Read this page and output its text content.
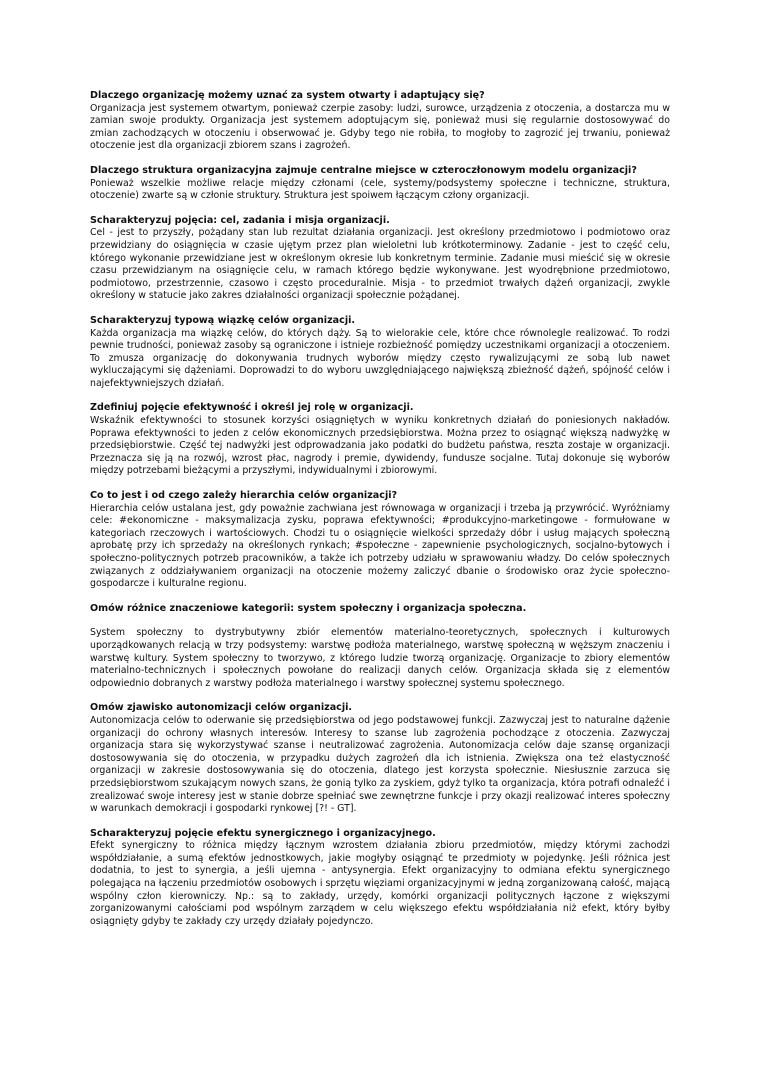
Dlaczego organizację możemy uznać za system otwarty i adaptujący się?

Organizacja jest systemem otwartym, ponieważ czerpie zasoby: ludzi, surowce, urządzenia z otoczenia, a dostarcza mu w zamian swoje produkty. Organizacja jest systemem adoptującym się, ponieważ musi się regularnie dostosowywać do zmian zachodzących w otoczeniu i obserwować je. Gdyby tego nie robiła, to mogłoby to zagrozić jej trwaniu, ponieważ otoczenie jest dla organizacji zbiorem szans i zagrożeń.

Dlaczego struktura organizacyjna zajmuje centralne miejsce w czteroczłonowym modelu organizacji?

Ponieważ wszelkie możliwe relacje między członami (cele, systemy/podsystemy społeczne i techniczne, struktura, otoczenie) zwarte są w członie struktury. Struktura jest spoiwem łączącym człony organizacji.

Scharakteryzuj pojęcia: cel, zadania i misja organizacji.

Cel - jest to przyszły, pożądany stan lub rezultat działania organizacji. Jest określony przedmiotowo i podmiotowo oraz przewidziany do osiągnięcia w czasie ujętym przez plan wieloletni lub krótkoterminowy. Zadanie - jest to część celu, którego wykonanie przewidziane jest w określonym okresie lub konkretnym terminie. Zadanie musi mieścić się w okresie czasu przewidzianym na osiągnięcie celu, w ramach którego będzie wykonywane. Jest wyodrębnione przedmiotowo, podmiotowo, przestrzennie, czasowo i często proceduralnie. Misja - to przedmiot trwałych dążeń organizacji, zwykle określony w statucie jako zakres działalności organizacji społecznie pożądanej.

Scharakteryzuj typową wiązkę celów organizacji.

Każda organizacja ma wiązkę celów, do których dąży. Są to wielorakie cele, które chce równolegle realizować. To rodzi pewnie trudności, ponieważ zasoby są ograniczone i istnieje rozbieżność pomiędzy uczestnikami organizacji a otoczeniem. To zmusza organizację do dokonywania trudnych wyborów między często rywalizującymi ze sobą lub nawet wykluczającymi się dążeniami. Doprowadzi to do wyboru uwzględniającego największą zbieżność dążeń, spójność celów i najefektywniejszych działań.

Zdefiniuj pojęcie efektywność i określ jej rolę w organizacji.

Wskaźnik efektywności to stosunek korzyści osiągniętych w wyniku konkretnych działań do poniesionych nakładów. Poprawa efektywności to jeden z celów ekonomicznych przedsiębiorstwa. Można przez to osiągnąć większą nadwyżkę w przedsiębiorstwie. Część tej nadwyżki jest odprowadzania jako podatki do budżetu państwa, reszta zostaje w organizacji. Przeznacza się ją na rozwój, wzrost płac, nagrody i premie, dywidendy, fundusze socjalne. Tutaj dokonuje się wyborów między potrzebami bieżącymi a przyszłymi, indywidualnymi i zbiorowymi.

Co to jest i od czego zależy hierarchia celów organizacji?

Hierarchia celów ustalana jest, gdy poważnie zachwiana jest równowaga w organizacji i trzeba ją przywrócić. Wyróżniamy cele: #ekonomiczne - maksymalizacja zysku, poprawa efektywności; #produkcyjno-marketingowe - formułowane w kategoriach rzeczowych i wartościowych. Chodzi tu o osiągnięcie wielkości sprzedaży dóbr i usług mających społeczną aprobatę przy ich sprzedaży na określonych rynkach; #społeczne - zapewnienie psychologicznych, socjalno-bytowych i społeczno-politycznych potrzeb pracowników, a także ich potrzeby udziału w sprawowaniu władzy. Do celów społecznych związanych z oddziaływaniem organizacji na otoczenie możemy zaliczyć dbanie o środowisko oraz życie społeczno-gospodarcze i kulturalne regionu.

Omów różnice znaczeniowe kategorii: system społeczny i organizacja społeczna.

System społeczny to dystrybutywny zbiór elementów materialno-teoretycznych, społecznych i kulturowych uporządkowanych relacją w trzy podsystemy: warstwę podłoża materialnego, warstwę społeczną w węższym znaczeniu i warstwę kultury. System społeczny to tworzywo, z którego ludzie tworzą organizację. Organizacje to zbiory elementów materialno-technicznych i społecznych powołane do realizacji danych celów. Organizacja składa się z elementów odpowiednio dobranych z warstwy podłoża materialnego i warstwy społecznej systemu społecznego.

Omów zjawisko autonomizacji celów organizacji.

Autonomizacja celów to oderwanie się przedsiębiorstwa od jego podstawowej funkcji. Zazwyczaj jest to naturalne dążenie organizacji do ochrony własnych interesów. Interesy to szanse lub zagrożenia pochodzące z otoczenia. Zazwyczaj organizacja stara się wykorzystywać szanse i neutralizować zagrożenia. Autonomizacja celów daje szansę organizacji dostosowywania się do otoczenia, w przypadku dużych zagrożeń dla ich istnienia. Zwiększa ona też elastyczność organizacji w zakresie dostosowywania się do otoczenia, dlatego jest korzysta społecznie. Niesłusznie zarzuca się przedsiębiorstwom szukającym nowych szans, że gonią tylko za zyskiem, gdyż tylko ta organizacja, która potrafi odnaleźć i zrealizować swoje interesy jest w stanie dobrze spełniać swe zewnętrzne funkcje i przy okazji realizować interes społeczny w warunkach demokracji i gospodarki rynkowej [?! - GT].

Scharakteryzuj pojęcie efektu synergicznego i organizacyjnego.

Efekt synergiczny to różnica między łącznym wzrostem działania zbioru przedmiotów, między którymi zachodzi współdziałanie, a sumą efektów jednostkowych, jakie mogłyby osiągnąć te przedmioty w pojedynkę. Jeśli różnica jest dodatnia, to jest to synergia, a jeśli ujemna - antysynergia. Efekt organizacyjny to odmiana efektu synergicznego polegająca na łączeniu przedmiotów osobowych i sprzętu więziami organizacyjnymi w jedną zorganizowaną całość, mającą wspólny człon kierowniczy. Np.: są to zakłady, urzędy, komórki organizacji politycznych łączone z większymi zorganizowanymi całościami pod wspólnym zarządem w celu większego efektu współdziałania niż efekt, który byłby osiągnięty gdyby te zakłady czy urzędy działały pojedynczo.
